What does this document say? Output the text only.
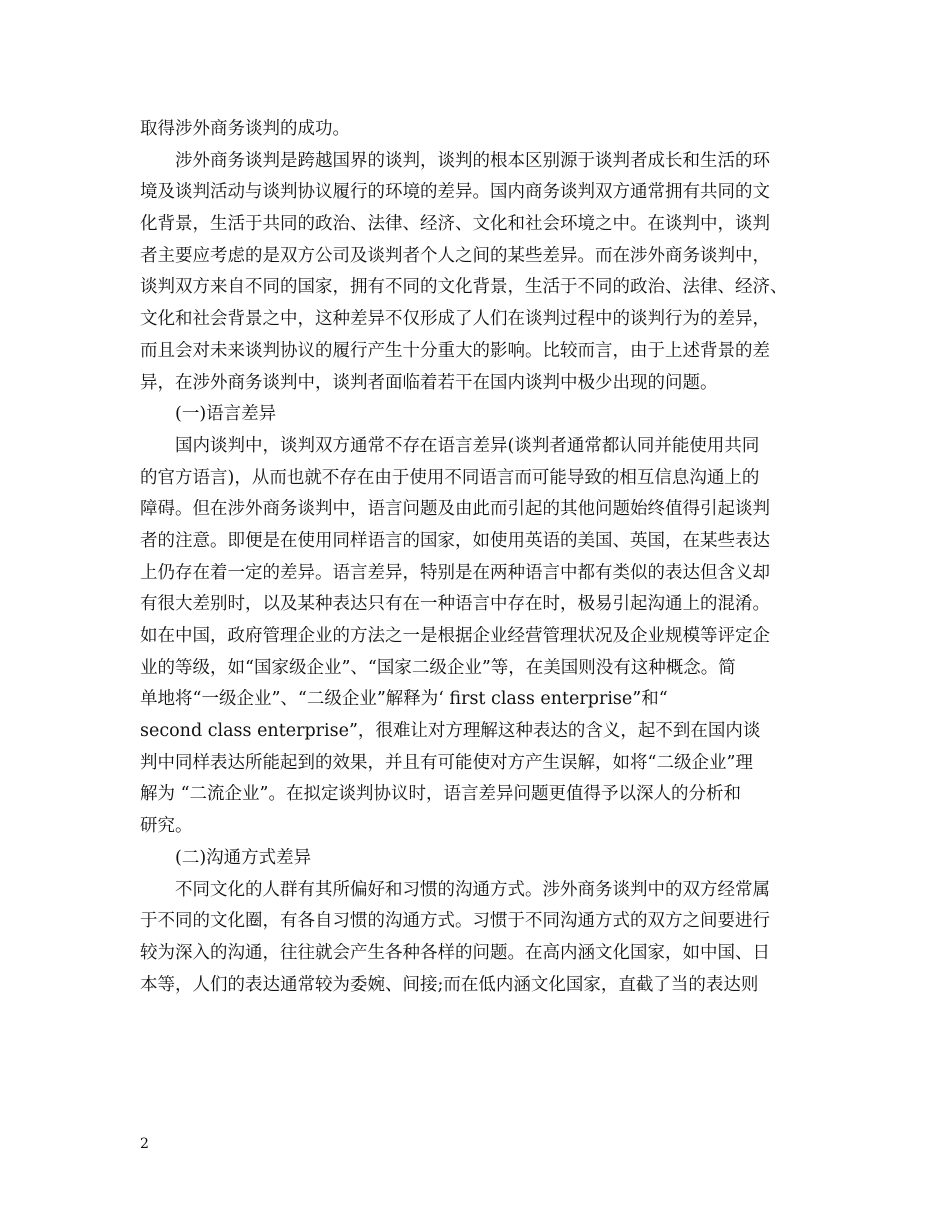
取得涉外商务谈判的成功。
涉外商务谈判是跨越国界的谈判，谈判的根本区别源于谈判者成长和生活的环
境及谈判活动与谈判协议履行的环境的差异。国内商务谈判双方通常拥有共同的文
化背景，生活于共同的政治、法律、经济、文化和社会环境之中。在谈判中，谈判
者主要应考虑的是双方公司及谈判者个人之间的某些差异。而在涉外商务谈判中，
谈判双方来自不同的国家，拥有不同的文化背景，生活于不同的政治、法律、经济、
文化和社会背景之中，这种差异不仅形成了人们在谈判过程中的谈判行为的差异，
而且会对未来谈判协议的履行产生十分重大的影响。比较而言，由于上述背景的差
异，在涉外商务谈判中，谈判者面临着若干在国内谈判中极少出现的问题。
(一)语言差异
国内谈判中，谈判双方通常不存在语言差异(谈判者通常都认同并能使用共同
的官方语言)，从而也就不存在由于使用不同语言而可能导致的相互信息沟通上的
障碍。但在涉外商务谈判中，语言问题及由此而引起的其他问题始终值得引起谈判
者的注意。即便是在使用同样语言的国家，如使用英语的美国、英国，在某些表达
上仍存在着一定的差异。语言差异，特别是在两种语言中都有类似的表达但含义却
有很大差别时，以及某种表达只有在一种语言中存在时，极易引起沟通上的混淆。
如在中国，政府管理企业的方法之一是根据企业经营管理状况及企业规模等评定企
业的等级，如“国家级企业”、“国家二级企业”等，在美国则没有这种概念。简
单地将“一级企业”、“二级企业”解释为‘ first class enterprise”和“
second class enterprise”，很难让对方理解这种表达的含义，起不到在国内谈
判中同样表达所能起到的效果，并且有可能使对方产生误解，如将“二级企业”理
解为 “二流企业”。在拟定谈判协议时，语言差异问题更值得予以深人的分析和
研究。
(二)沟通方式差异
不同文化的人群有其所偏好和习惯的沟通方式。涉外商务谈判中的双方经常属
于不同的文化圈，有各自习惯的沟通方式。习惯于不同沟通方式的双方之间要进行
较为深入的沟通，往往就会产生各种各样的问题。在高内涵文化国家，如中国、日
本等，人们的表达通常较为委婉、间接;而在低内涵文化国家，直截了当的表达则
2
